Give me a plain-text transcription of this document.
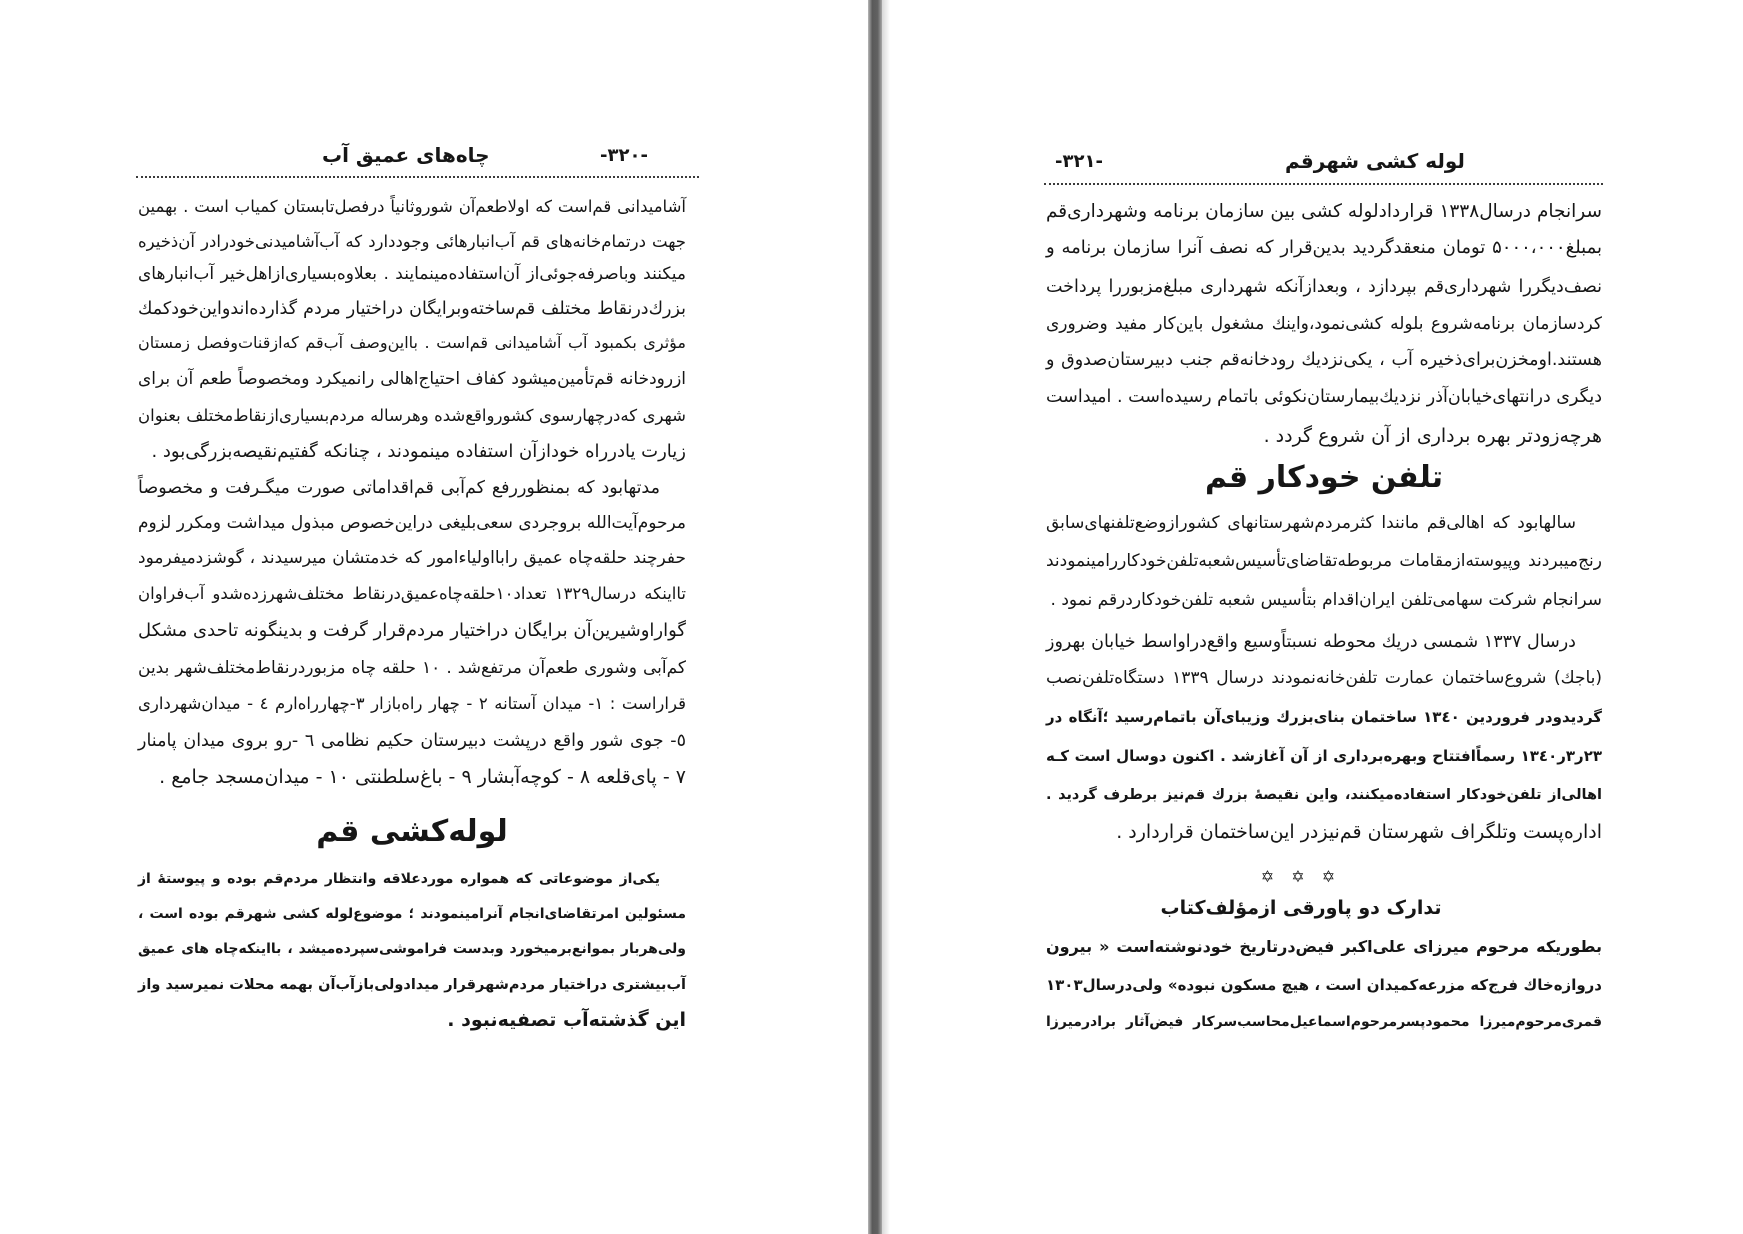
-۳۲۰-
چاه‌های عمیق آب
آشامیدانی قم‌است که اولاطعم‌آن شوروثانیاً درفصل‌تابستان کمیاب است . بهمین
جهت درتمام‌خانه‌های قم آب‌انبارهائی وجوددارد که آب‌آشامیدنی‌خودرادر آن‌ذخیره
میکنند وباصرفه‌جوئی‌از آن‌استفاده‌مینمایند . بعلاوه‌بسیاری‌ازاهل‌خیر آب‌انبارهای
بزرك‌درنقاط مختلف قم‌ساخته‌وبرایگان دراختیار مردم گذارده‌اندواین‌خود‌کمك
مؤثری بکمبود آب آشامیدانی قم‌است . بااین‌وصف آب‌قم که‌ازقنات‌وفصل زمستان
ازرودخانه قم‌تأمین‌میشود کفاف احتیاج‌اهالی رانمیکرد ومخصوصاً طعم آن برای
شهری که‌درچهارسوی کشورواقع‌شده وهرساله مردم‌بسیاری‌ازنقاط‌مختلف بعنوان
زیارت یادرراه خودازآن استفاده مینمودند ، چنانکه گفتیم‌نقیصه‌بزرگی‌بود .
مدتهابود که بمنظوررفع کم‌آبی قم‌اقداماتی صورت میگـرفت و مخصوصاً
مرحوم‌آیت‌الله بروجردی سعی‌بلیغی دراین‌خصوص مبذول میداشت ومکرر لزوم
حفرچند حلقه‌چاه عمیق رابااولیاءامور که خدمتشان میرسیدند ، گوشزدمیفرمود
تااینکه درسال۱۳۲۹ تعداد۱۰حلقه‌چاه‌عمیق‌درنقاط مختلف‌شهرزده‌شدو آب‌فراوان
گواراوشیرین‌آن برایگان دراختیار مردم‌قرار گرفت و بدینگونه تاحدی مشکل
کم‌آبی وشوری طعم‌آن مرتفع‌شد . ۱۰ حلقه چاه مزبوردرنقاط‌مختلف‌شهر بدین
قراراست : ۱- میدان آستانه ۲ - چهار راه‌بازار ۳-چهارراه‌ارم ٤ - میدان‌شهرداری
٥- جوی شور واقع درپشت دبیرستان حکیم نظامی ٦ -رو بروی میدان پامنار
۷ - پای‌قلعه ۸ - کوچه‌آبشار ۹ - باغ‌سلطنتی ۱۰ - میدان‌مسجد جامع .
لوله‌کشی قم
یکی‌از موضوعاتی که همواره موردعلاقه وانتظار مردم‌قم بوده و پیوستهٔ از
مسئولین امرتقاضای‌انجام آنرامینمودند ؛ موضوع‌لوله کشی شهرقم بوده است ،
ولی‌هربار بموانع‌برمیخورد وبدست فراموشی‌سپرده‌میشد ، بااینکه‌چاه های عمیق
آب‌بیشتری دراختیار مردم‌شهرقرار میدادولی‌بازآب‌آن بهمه محلات نمیرسید واز
این گذشته‌آب تصفیه‌نبود .
-۳۲۱-	لوله کشی شهرقم
سرانجام درسال۱۳۳۸ قراردادلوله کشی بین سازمان برنامه وشهرداری‌قم
بمبلغ۵۰۰۰،۰۰۰ تومان منعقدگردید بدین‌قرار که نصف آنرا سازمان برنامه و
نصف‌دیگررا شهرداری‌قم بپردازد ، وبعدازآنکه شهرداری مبلغ‌مزبوررا پرداخت
کردسازمان برنامه‌شروع بلوله کشی‌نمود،واینك مشغول باین‌کار مفید وضروری
هستند.اومخزن‌برای‌ذخیره آب ، یکی‌نزدیك رودخانه‌قم جنب دبیرستان‌صدوق و
دیگری درانتهای‌خیابان‌آذر نزدیك‌بیمارستان‌نکوئی باتمام رسیده‌است . امیداست
هرچه‌زودتر بهره برداری از آن شروع گردد .
تلفن خودکار قم
سالهابود که اهالی‌قم مانندا کثرمردم‌شهرستانهای کشوراز‌وضع‌تلفنهای‌سابق
رنج‌میبردند وپیوسته‌ازمقامات مربوطه‌تقاضای‌تأسیس‌شعبه‌تلفن‌خودکار‌رامینمودند
سرانجام شرکت سهامی‌تلفن ایران‌اقدام بتأسیس شعبه تلفن‌خودکاردرقم نمود .
درسال ۱۳۳۷ شمسی دریك محوطه نسبتاًوسیع واقع‌دراواسط خیابان بهروز
(باجك) شروع‌ساختمان عمارت تلفن‌خانه‌نمودند درسال ۱۳۳۹ دستگاه‌تلفن‌نصب
گردیدودر فروردین ۱۳٤۰ ساختمان بنای‌بزرك وزیبای‌آن باتمام‌رسید ؛آنگاه در
۲۳ر۳ر۱۳٤۰ رسماًافتتاح وبهره‌برداری از آن آغازشد . اکنون دوسال است کـه
اهالی‌از تلفن‌خودکار استفاده‌میکنند، واین نقیصهٔ بزرك قم‌نیز برطرف گردید .
اداره‌پست وتلگراف شهرستان قم‌نیزدر این‌ساختمان قراردارد .
✡ ✡ ✡
تدارک دو پاورقی ازمؤلف‌کتاب
بطوریکه مرحوم میرزای علی‌اکبر فیض‌درتاریخ خودنوشته‌است « بیرون
دروازه‌خاك فرج‌که مزرعه‌کمیدان است ، هیچ مسکون نبوده» ولی‌درسال۱۳۰۳
قمری‌مرحوم‌میرزا محمودپسرمرحوم‌اسماعیل‌محاسب‌سرکار فیض‌آثار برادرمیرزا
